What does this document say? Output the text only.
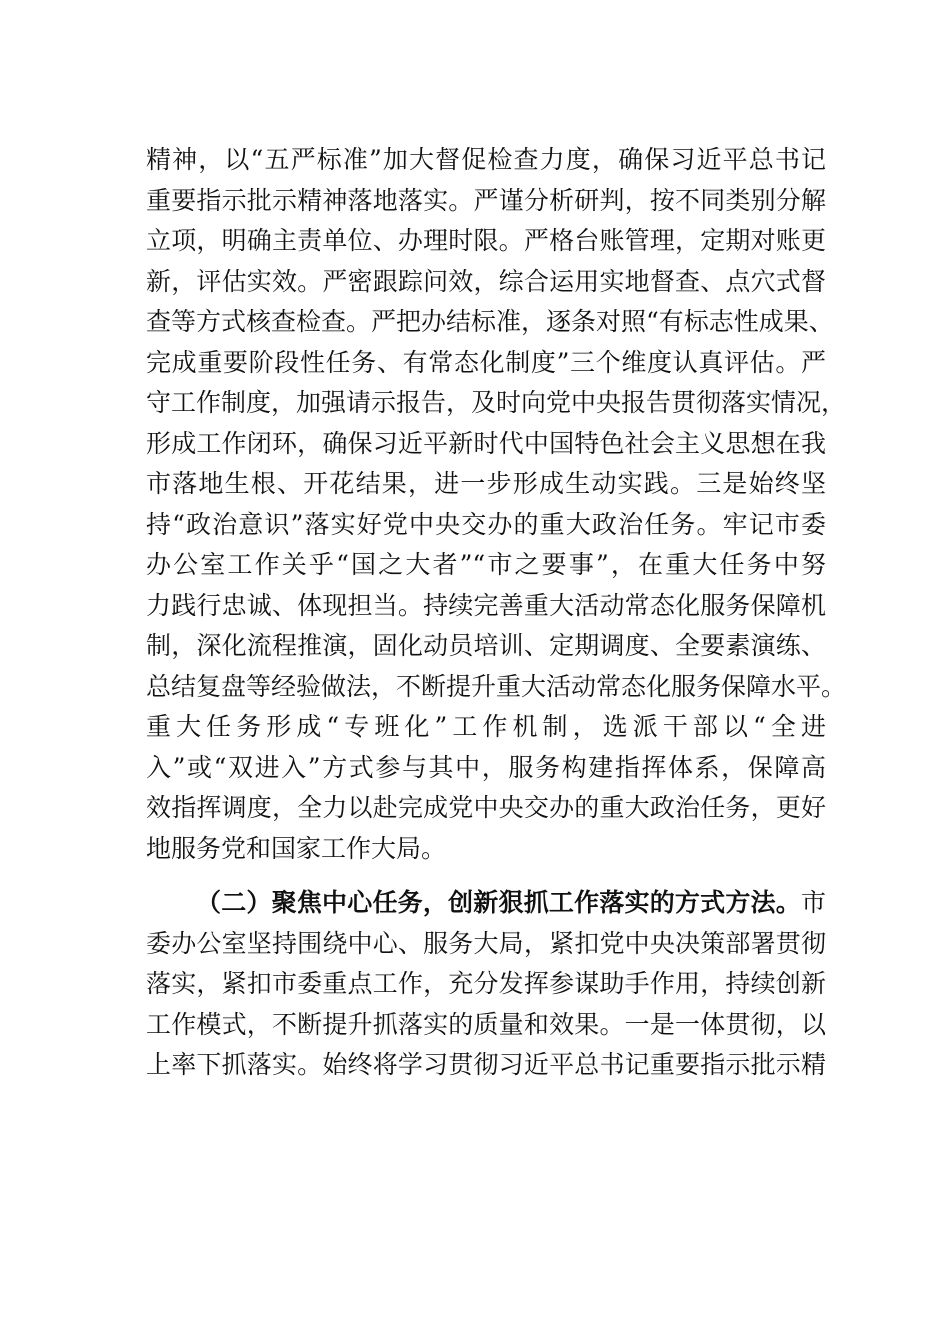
精神，以“五严标准”加大督促检查力度，确保习近平总书记
重要指示批示精神落地落实。严谨分析研判，按不同类别分解
立项，明确主责单位、办理时限。严格台账管理，定期对账更
新，评估实效。严密跟踪问效，综合运用实地督查、点穴式督
查等方式核查检查。严把办结标准，逐条对照“有标志性成果、
完成重要阶段性任务、有常态化制度”三个维度认真评估。严
守工作制度，加强请示报告，及时向党中央报告贯彻落实情况，
形成工作闭环，确保习近平新时代中国特色社会主义思想在我
市落地生根、开花结果，进一步形成生动实践。三是始终坚
持“政治意识”落实好党中央交办的重大政治任务。牢记市委
办公室工作关乎“国之大者”“市之要事”，在重大任务中努
力践行忠诚、体现担当。持续完善重大活动常态化服务保障机
制，深化流程推演，固化动员培训、定期调度、全要素演练、
总结复盘等经验做法，不断提升重大活动常态化服务保障水平。
重大任务形成“专班化”工作机制，选派干部以“全进
入”或“双进入”方式参与其中，服务构建指挥体系，保障高
效指挥调度，全力以赴完成党中央交办的重大政治任务，更好
地服务党和国家工作大局。
（二）聚焦中心任务，创新狠抓工作落实的方式方法。市
委办公室坚持围绕中心、服务大局，紧扣党中央决策部署贯彻
落实，紧扣市委重点工作，充分发挥参谋助手作用，持续创新
工作模式，不断提升抓落实的质量和效果。一是一体贯彻，以
上率下抓落实。始终将学习贯彻习近平总书记重要指示批示精
